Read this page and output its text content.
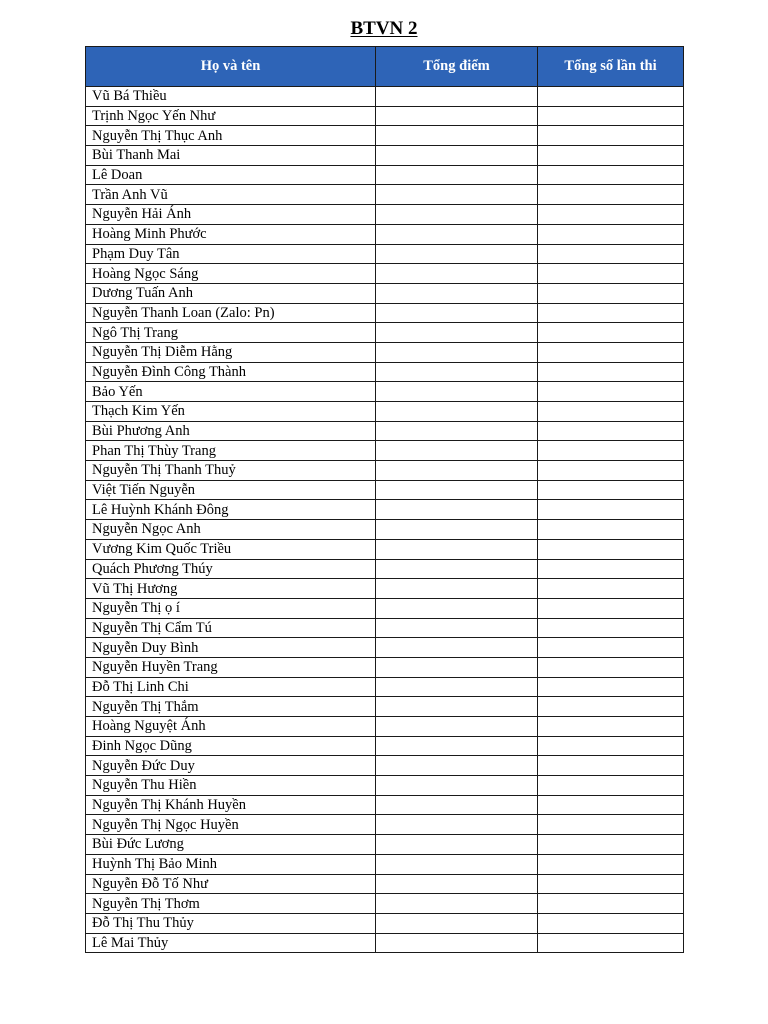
BTVN 2
Họ và tên	Tổng điểm	Tổng số lần thi
Vũ Bá Thiều		
Trịnh Ngọc Yến Như		
Nguyễn Thị Thục Anh		
Bùi Thanh Mai		
Lê Doan		
Trần Anh Vũ		
Nguyễn Hải Ánh		
Hoàng Minh Phước		
Phạm Duy Tân		
Hoàng Ngọc Sáng		
Dương Tuấn Anh		
Nguyễn Thanh Loan (Zalo: Pn)		
Ngô Thị Trang		
Nguyễn Thị Diễm Hằng		
Nguyễn Đình Công Thành		
Bảo Yến		
Thạch Kim Yến		
Bùi Phương Anh		
Phan Thị Thùy Trang		
Nguyễn Thị Thanh Thuỷ		
Việt Tiến Nguyễn		
Lê Huỳnh Khánh Đông		
Nguyễn Ngọc Anh		
Vương Kim Quốc Triều		
Quách Phương Thúy		
Vũ Thị Hương		
Nguyễn Thị ọ í		
Nguyễn Thị Cẩm Tú		
Nguyễn Duy Bình		
Nguyễn Huyền Trang		
Đỗ Thị Linh Chi		
Nguyễn Thị Thắm		
Hoàng Nguyệt Ánh		
Đinh Ngọc Dũng		
Nguyễn Đức Duy		
Nguyễn Thu Hiền		
Nguyễn Thị Khánh Huyền		
Nguyễn Thị Ngọc Huyền		
Bùi Đức Lương		
Huỳnh Thị Bảo Minh		
Nguyễn Đỗ Tố Như		
Nguyễn Thị Thơm		
Đỗ Thị Thu Thủy		
Lê Mai Thủy		
